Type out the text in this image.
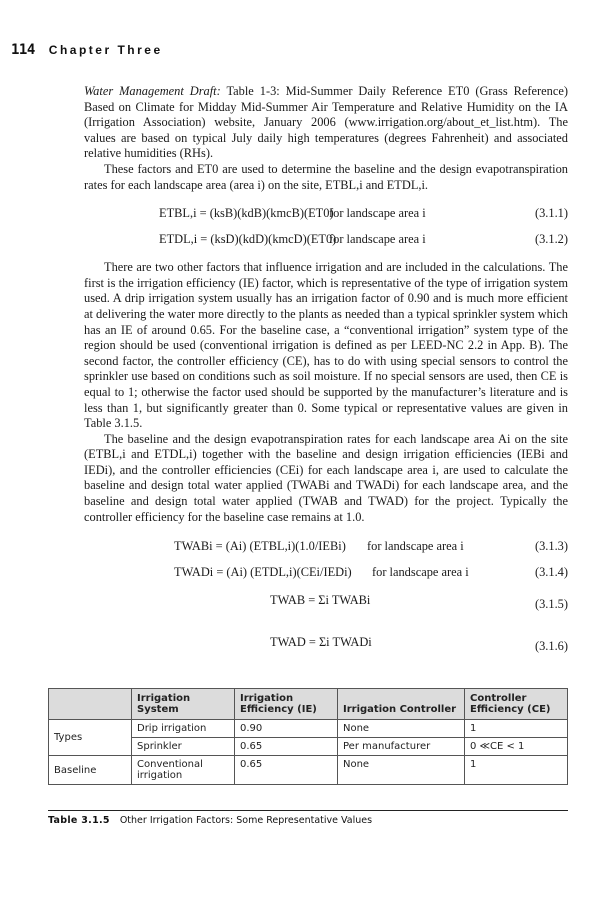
114 Chapter Three

Water Management Draft: Table 1-3: Mid-Summer Daily Reference ET0 (Grass Reference) Based on Climate for Midday Mid-Summer Air Temperature and Relative Humidity on the IA (Irrigation Association) website, January 2006 (www.irrigation.org/about_et_list.htm). The values are based on typical July daily high temperatures (degrees Fahrenheit) and associated relative humidities (RHs).

These factors and ET0 are used to determine the baseline and the design evapotranspiration rates for each landscape area (area i) on the site, ETBL,i and ETDL,i.

ETBL,i = (ksB)(kdB)(kmcB)(ET0)
for landscape area i	(3.1.1)
ETDL,i = (ksD)(kdD)(kmcD)(ET0)
for landscape area i	(3.1.2)

There are two other factors that influence irrigation and are included in the calculations. The first is the irrigation efficiency (IE) factor, which is representative of the type of irrigation system used. A drip irrigation system usually has an irrigation factor of 0.90 and is much more efficient at delivering the water more directly to the plants as needed than a typical sprinkler system which has an IE of around 0.65. For the baseline case, a “conventional irrigation” system type of the region should be used (conventional irrigation is defined as per LEED-NC 2.2 in App. B). The second factor, the controller efficiency (CE), has to do with using special sensors to control the sprinkler use based on conditions such as soil moisture. If no special sensors are used, then CE is equal to 1; otherwise the factor used should be supported by the manufacturer’s literature and is less than 1, but significantly greater than 0. Some typical or representative values are given in Table 3.1.5.

The baseline and the design evapotranspiration rates for each landscape area Ai on the site (ETBL,i and ETDL,i) together with the baseline and design irrigation efficiencies (IEBi and IEDi), and the controller efficiencies (CEi) for each landscape area i, are used to calculate the baseline and design total water applied (TWABi and TWADi) for each landscape area, and the baseline and design total water applied (TWAB and TWAD) for the project. Typically the controller efficiency for the baseline case remains at 1.0.

TWABi = (Ai) (ETBL,i)(1.0/IEBi) for landscape area i	(3.1.3)
TWADi = (Ai) (ETDL,i)(CEi/IEDi) for landscape area i	(3.1.4)
TWAB = Σi TWABi	(3.1.5)
TWAD = Σi TWADi	(3.1.6)
	Irrigation System	Irrigation Efficiency (IE)	Irrigation Controller	Controller Efficiency (CE)
Types	Drip irrigation	0.90	None	1
	Sprinkler	0.65	Per manufacturer	0 ≪CE < 1
Baseline	Conventional irrigation	0.65	None	1
Table 3.1.5 Other Irrigation Factors: Some Representative Values
